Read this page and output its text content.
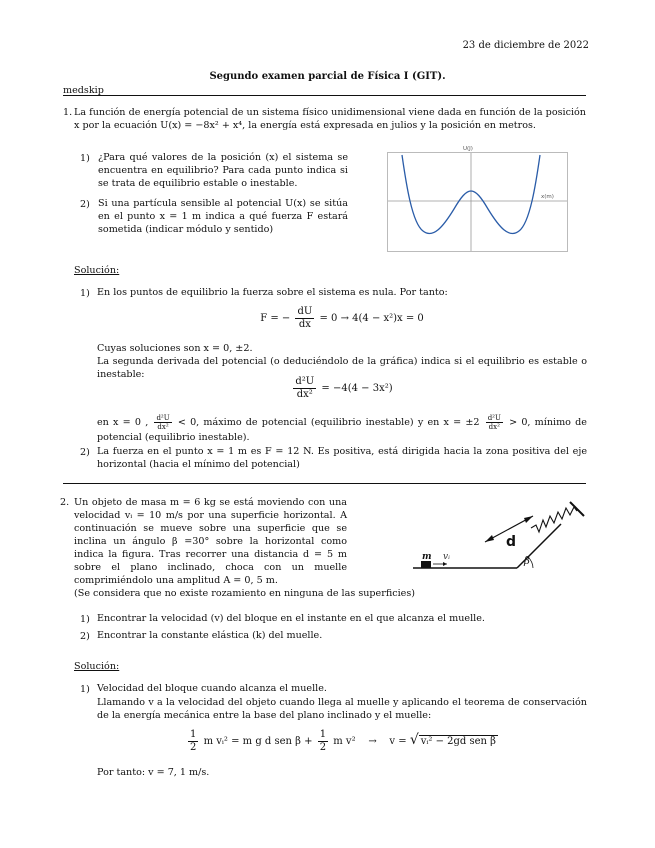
23 de diciembre de 2022
Segundo examen parcial de Física I (GIT).
medskip
1. La función de energía potencial de un sistema físico unidimensional viene dada en función de la posición x por la ecuación U(x) = −8x² + x⁴, la energía está expresada en julios y la posición en metros.
1) ¿Para qué valores de la posición (x) el sistema se encuentra en equilibrio? Para cada punto indica si se trata de equilibrio estable o inestable.
2) Si una partícula sensible al potencial U(x) se sitúa en el punto x = 1 m indica a qué fuerza F estará sometida (indicar módulo y sentido)
U(J)
x(m)
Solución:
1) En los puntos de equilibrio la fuerza sobre el sistema es nula. Por tanto:
F = − $\frac{dU}{dx} = 0 \to 4(4 - x^2)x = 0$
Cuyas soluciones son x = 0, ±2.
La segunda derivada del potencial (o deduciéndolo de la gráfica) indica si el equilibrio es estable o inestable:
$\frac{\text{d²U}}{\text{dx²}} = -4(4 - 3x^2)$
en x = 0 , $\frac{\text{d²U}}{\text{dx²}} < 0$, máximo de potencial (equilibrio inestable) y en $x = \pm 2 \frac{\text{d²U}}{\text{dx²}} > 0$, mínimo de potencial (equilibrio inestable).
2) La fuerza en el punto x = 1 m es F = 12 N. Es positiva, está dirigida hacia la zona positiva del eje horizontal (hacia el mínimo del potencial)
2. Un objeto de masa m = 6 kg se está moviendo con una velocidad vᵢ = 10 m/s por una superficie horizontal. A continuación se mueve sobre una superficie que se inclina un ángulo β =30° sobre la horizontal como indica la figura. Tras recorrer una distancia d = 5 m sobre el plano inclinado, choca con un muelle comprimiéndolo una amplitud A = 0, 5 m.
(Se considera que no existe rozamiento en ninguna de las superficies)
d
m vᵢ	β
1) Encontrar la velocidad (v) del bloque en el instante en el que alcanza el muelle.
2) Encontrar la constante elástica (k) del muelle.
Solución:
1) Velocidad del bloque cuando alcanza el muelle.
Llamando v a la velocidad del objeto cuando llega al muelle y aplicando el teorema de conservación de la energía mecánica entre la base del plano inclinado y el muelle:
$\frac{1}{2}$ m vᵢ² = m g d sen $\beta + \frac{1}{2}$ m v² → v = √ vᵢ² − 2gd sen β
Por tanto: v = 7, 1 m/s.
